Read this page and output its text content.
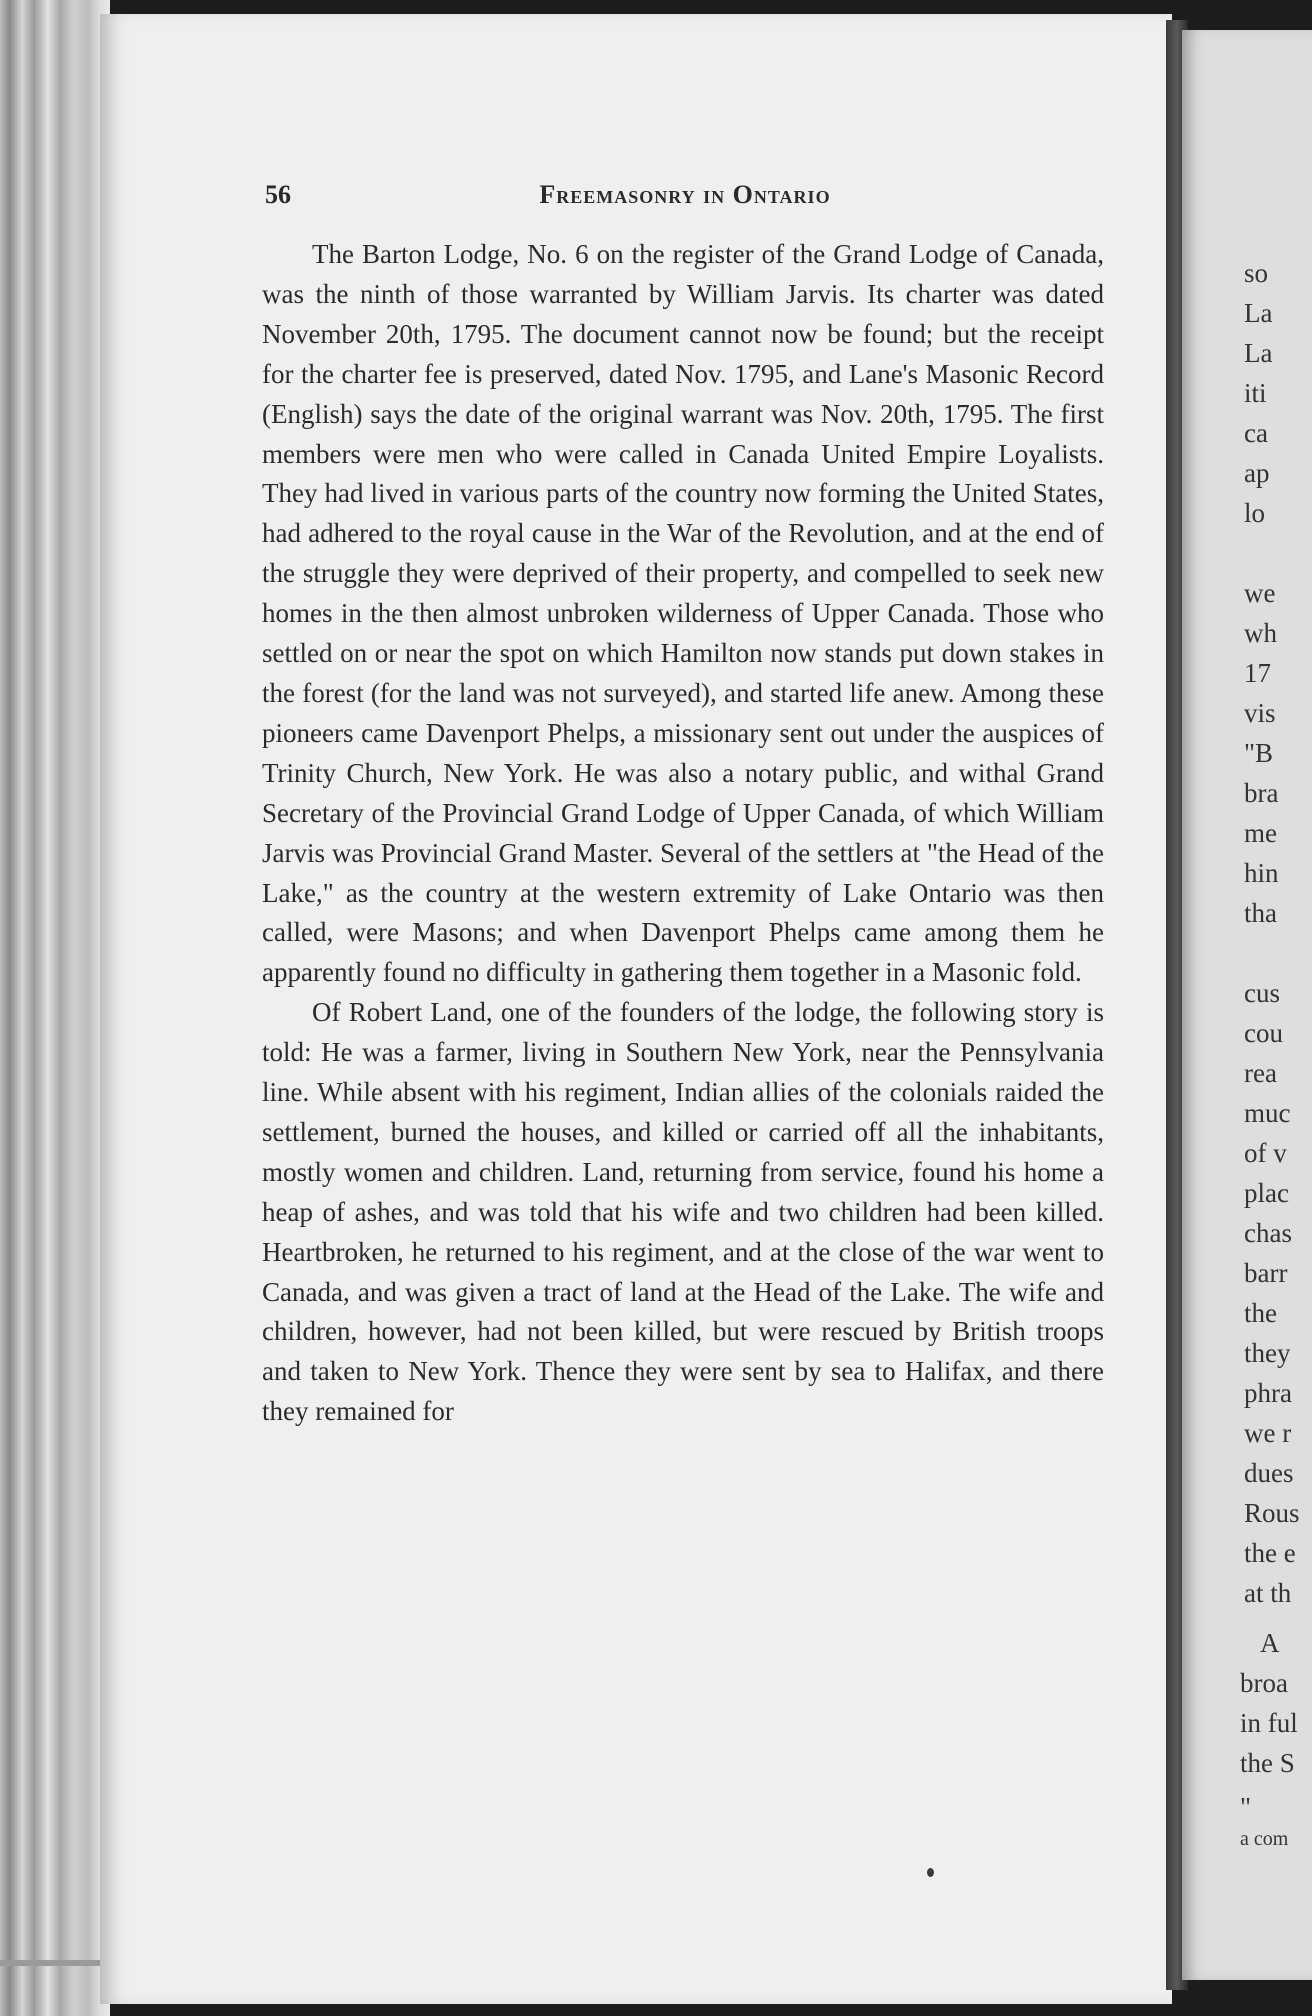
56	Freemasonry in Ontario

The Barton Lodge, No. 6 on the register of the Grand Lodge of Canada, was the ninth of those warranted by William Jarvis. Its charter was dated November 20th, 1795. The document cannot now be found; but the receipt for the charter fee is preserved, dated Nov. 1795, and Lane's Masonic Record (English) says the date of the original warrant was Nov. 20th, 1795. The first members were men who were called in Canada United Empire Loyalists. They had lived in various parts of the country now forming the United States, had adhered to the royal cause in the War of the Revolution, and at the end of the struggle they were deprived of their property, and compelled to seek new homes in the then almost unbroken wilderness of Upper Canada. Those who settled on or near the spot on which Hamilton now stands put down stakes in the forest (for the land was not surveyed), and started life anew. Among these pioneers came Davenport Phelps, a missionary sent out under the auspices of Trinity Church, New York. He was also a notary public, and withal Grand Secretary of the Provincial Grand Lodge of Upper Canada, of which William Jarvis was Provincial Grand Master. Several of the settlers at "the Head of the Lake," as the country at the western extremity of Lake Ontario was then called, were Masons; and when Davenport Phelps came among them he apparently found no difficulty in gathering them together in a Masonic fold.

Of Robert Land, one of the founders of the lodge, the following story is told: He was a farmer, living in Southern New York, near the Pennsylvania line. While absent with his regiment, Indian allies of the colonials raided the settlement, burned the houses, and killed or carried off all the inhabitants, mostly women and children. Land, returning from service, found his home a heap of ashes, and was told that his wife and two children had been killed. Heartbroken, he returned to his regiment, and at the close of the war went to Canada, and was given a tract of land at the Head of the Lake. The wife and children, however, had not been killed, but were rescued by British troops and taken to New York. Thence they were sent by sea to Halifax, and there they remained for

so
La
La
iti
ca
ap
lo
we
wh
17
vis
"B
bra
me
hin
tha
cus
cou
rea
muc
of v
plac
chas
barr
the
they
phra
we r
dues
Rous
the e
at th
A
broa
in ful
the S
"
a com
